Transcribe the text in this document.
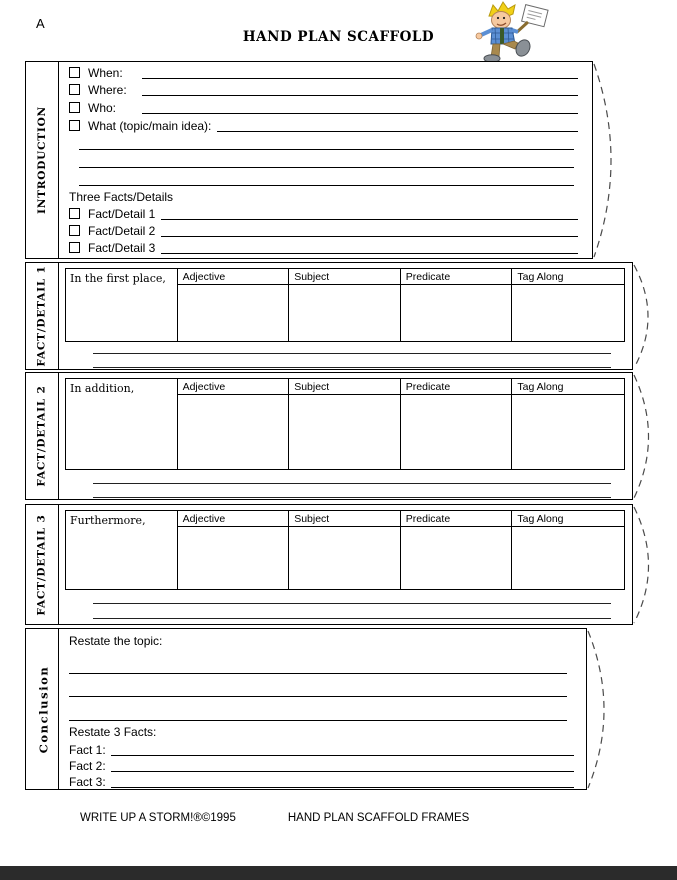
A
HAND PLAN SCAFFOLD
INTRODUCTION
When:
Where:
Who:
What (topic/main idea):
Three Facts/Details
Fact/Detail 1
Fact/Detail 2
Fact/Detail 3
FACT/DETAIL 1	In the first place,	Adjective	Subject	Predicate	Tag Along
FACT/DETAIL 2	In addition,	Adjective	Subject	Predicate	Tag Along
FACT/DETAIL 3	Furthermore,	Adjective	Subject	Predicate	Tag Along
Conclusion
Restate the topic:
Restate 3 Facts:
Fact 1:
Fact 2:
Fact 3:
WRITE UP A STORM!®©1995	HAND PLAN SCAFFOLD FRAMES
